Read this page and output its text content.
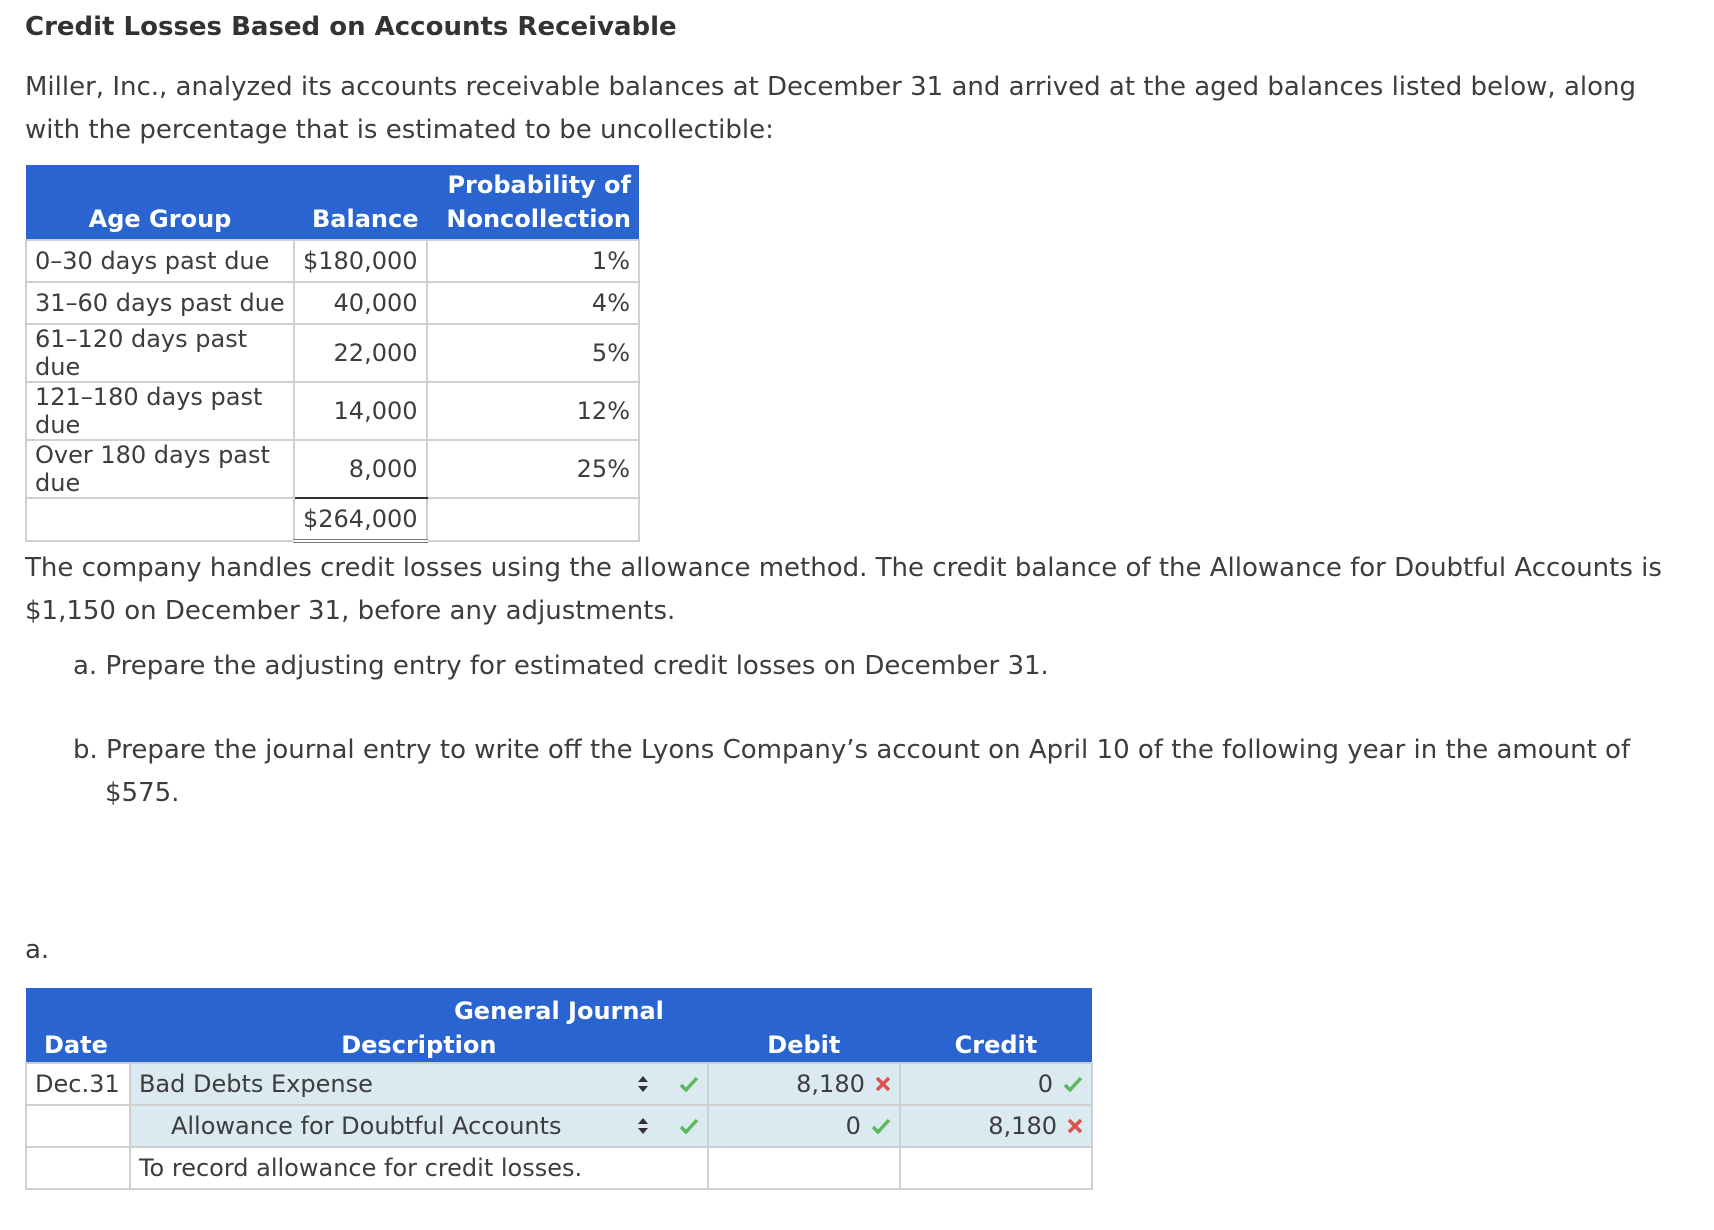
Credit Losses Based on Accounts Receivable

Miller, Inc., analyzed its accounts receivable balances at December 31 and arrived at the aged balances listed below, along with the percentage that is estimated to be uncollectible:

Age Group	Balance	Probability of
Noncollection

0–30 days past due	$180,000	1%
31–60 days past due	40,000	4%
61–120 days past due	22,000	5%
121–180 days past due	14,000	12%
Over 180 days past due	8,000	25%
	$264,000	

The company handles credit losses using the allowance method. The credit balance of the Allowance for Doubtful Accounts is $1,150 on December 31, before any adjustments.

a. Prepare the adjusting entry for estimated credit losses on December 31.

b. Prepare the journal entry to write off the Lyons Company’s account on April 10 of the following year in the amount of

$575.

a.
General Journal			
Date	Description	Debit	Credit
Dec.31	Bad Debts Expense	8,180	0

	Allowance for Doubtful Accounts	0	8,180

	To record allowance for credit losses.		
